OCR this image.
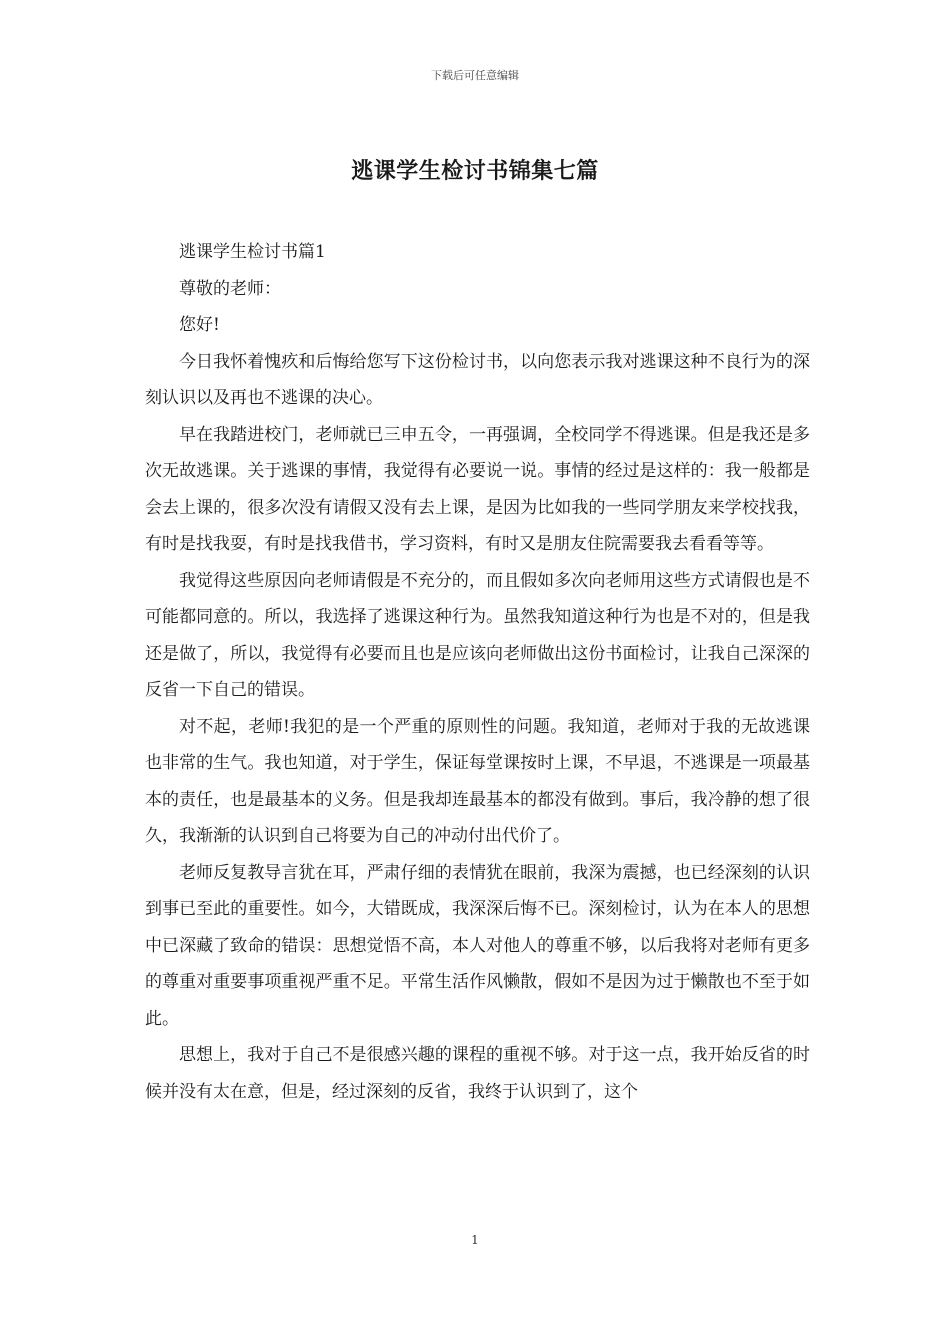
下载后可任意编辑
逃课学生检讨书锦集七篇

逃课学生检讨书篇1

尊敬的老师：

您好!

今日我怀着愧疚和后悔给您写下这份检讨书，以向您表示我对逃课这种不良行为的深刻认识以及再也不逃课的决心。

早在我踏进校门，老师就已三申五令，一再强调，全校同学不得逃课。但是我还是多次无故逃课。关于逃课的事情，我觉得有必要说一说。事情的经过是这样的：我一般都是会去上课的，很多次没有请假又没有去上课，是因为比如我的一些同学朋友来学校找我，有时是找我耍，有时是找我借书，学习资料，有时又是朋友住院需要我去看看等等。

我觉得这些原因向老师请假是不充分的，而且假如多次向老师用这些方式请假也是不可能都同意的。所以，我选择了逃课这种行为。虽然我知道这种行为也是不对的，但是我还是做了，所以，我觉得有必要而且也是应该向老师做出这份书面检讨，让我自己深深的反省一下自己的错误。

对不起，老师!我犯的是一个严重的原则性的问题。我知道，老师对于我的无故逃课也非常的生气。我也知道，对于学生，保证每堂课按时上课，不早退，不逃课是一项最基本的责任，也是最基本的义务。但是我却连最基本的都没有做到。事后，我冷静的想了很久，我渐渐的认识到自己将要为自己的冲动付出代价了。

老师反复教导言犹在耳，严肃仔细的表情犹在眼前，我深为震撼，也已经深刻的认识到事已至此的重要性。如今，大错既成，我深深后悔不已。深刻检讨，认为在本人的思想中已深藏了致命的错误：思想觉悟不高，本人对他人的尊重不够，以后我将对老师有更多的尊重对重要事项重视严重不足。平常生活作风懒散，假如不是因为过于懒散也不至于如此。

思想上，我对于自己不是很感兴趣的课程的重视不够。对于这一点，我开始反省的时候并没有太在意，但是，经过深刻的反省，我终于认识到了，这个

1
